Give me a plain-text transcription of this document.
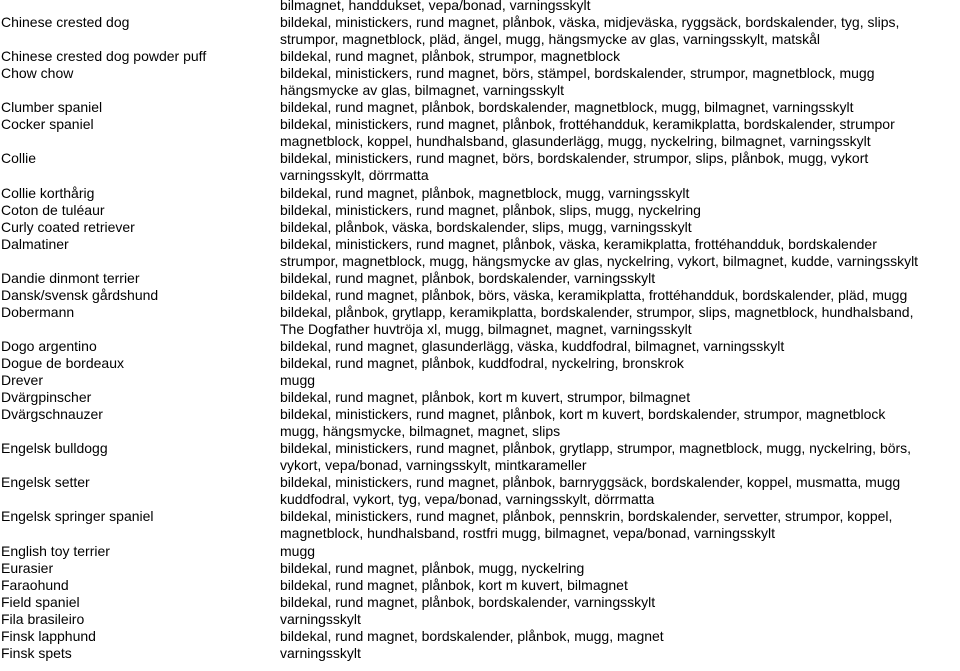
bilmagnet, handdukset, vepa/bonad, varningsskylt
Chinese crested dog	bildekal, ministickers, rund magnet, plånbok, väska, midjeväska, ryggsäck, bordskalender, tyg, slips,
strumpor, magnetblock, pläd, ängel, mugg, hängsmycke av glas, varningsskylt, matskål
Chinese crested dog powder puff	bildekal, rund magnet, plånbok, strumpor, magnetblock
Chow chow	bildekal, ministickers, rund magnet, börs, stämpel, bordskalender, strumpor, magnetblock, mugg
hängsmycke av glas, bilmagnet, varningsskylt
Clumber spaniel	bildekal, rund magnet, plånbok, bordskalender, magnetblock, mugg, bilmagnet, varningsskylt
Cocker spaniel	bildekal, ministickers, rund magnet, plånbok, frottéhandduk, keramikplatta, bordskalender, strumpor
magnetblock, koppel, hundhalsband, glasunderlägg, mugg, nyckelring, bilmagnet, varningsskylt
Collie	bildekal, ministickers, rund magnet, börs, bordskalender, strumpor, slips, plånbok, mugg, vykort
varningsskylt, dörrmatta
Collie korthårig	bildekal, rund magnet, plånbok, magnetblock, mugg, varningsskylt
Coton de tuléaur	bildekal, ministickers, rund magnet, plånbok, slips, mugg, nyckelring
Curly coated retriever	bildekal, plånbok, väska, bordskalender, slips, mugg, varningsskylt
Dalmatiner	bildekal, ministickers, rund magnet, plånbok, väska, keramikplatta, frottéhandduk, bordskalender
strumpor, magnetblock, mugg, hängsmycke av glas, nyckelring, vykort, bilmagnet, kudde, varningsskylt
Dandie dinmont terrier	bildekal, rund magnet, plånbok, bordskalender, varningsskylt
Dansk/svensk gårdshund	bildekal, rund magnet, plånbok, börs, väska, keramikplatta, frottéhandduk, bordskalender, pläd, mugg
Dobermann	bildekal, plånbok, grytlapp, keramikplatta, bordskalender, strumpor, slips, magnetblock, hundhalsband,
The Dogfather huvtröja xl, mugg, bilmagnet, magnet, varningsskylt
Dogo argentino	bildekal, rund magnet, glasunderlägg, väska, kuddfodral, bilmagnet, varningsskylt
Dogue de bordeaux	bildekal, rund magnet, plånbok, kuddfodral, nyckelring, bronskrok
Drever	mugg
Dvärgpinscher	bildekal, rund magnet, plånbok, kort m kuvert, strumpor, bilmagnet
Dvärgschnauzer	bildekal, ministickers, rund magnet, plånbok, kort m kuvert, bordskalender, strumpor, magnetblock
mugg, hängsmycke, bilmagnet, magnet, slips
Engelsk bulldogg	bildekal, ministickers, rund magnet, plånbok, grytlapp, strumpor, magnetblock, mugg, nyckelring, börs,
vykort, vepa/bonad, varningsskylt, mintkarameller
Engelsk setter	bildekal, ministickers, rund magnet, plånbok, barnryggsäck, bordskalender, koppel, musmatta, mugg
kuddfodral, vykort, tyg, vepa/bonad, varningsskylt, dörrmatta
Engelsk springer spaniel	bildekal, ministickers, rund magnet, plånbok, pennskrin, bordskalender, servetter, strumpor, koppel,
magnetblock, hundhalsband, rostfri mugg, bilmagnet, vepa/bonad, varningsskylt
English toy terrier	mugg
Eurasier	bildekal, rund magnet, plånbok, mugg, nyckelring
Faraohund	bildekal, rund magnet, plånbok, kort m kuvert, bilmagnet
Field spaniel	bildekal, rund magnet, plånbok, bordskalender, varningsskylt
Fila brasileiro	varningsskylt
Finsk lapphund	bildekal, rund magnet, bordskalender, plånbok, mugg, magnet
Finsk spets	varningsskylt
